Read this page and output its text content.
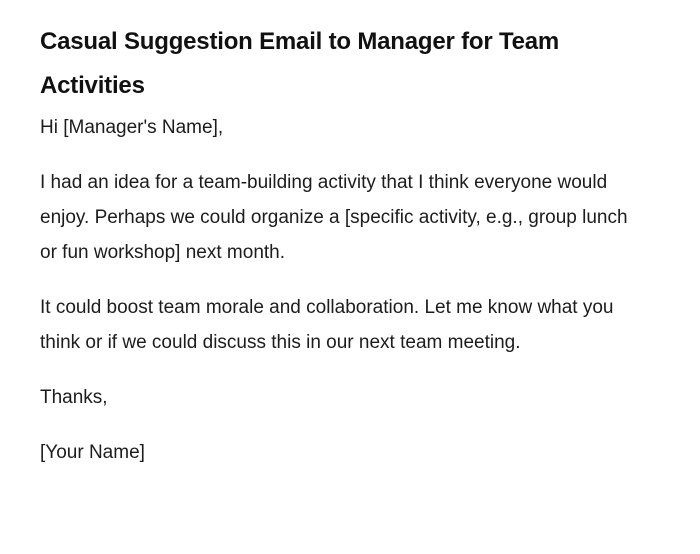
Casual Suggestion Email to Manager for Team Activities

Hi [Manager's Name],

I had an idea for a team-building activity that I think everyone would enjoy. Perhaps we could organize a [specific activity, e.g., group lunch or fun workshop] next month.

It could boost team morale and collaboration. Let me know what you think or if we could discuss this in our next team meeting.

Thanks,

[Your Name]
